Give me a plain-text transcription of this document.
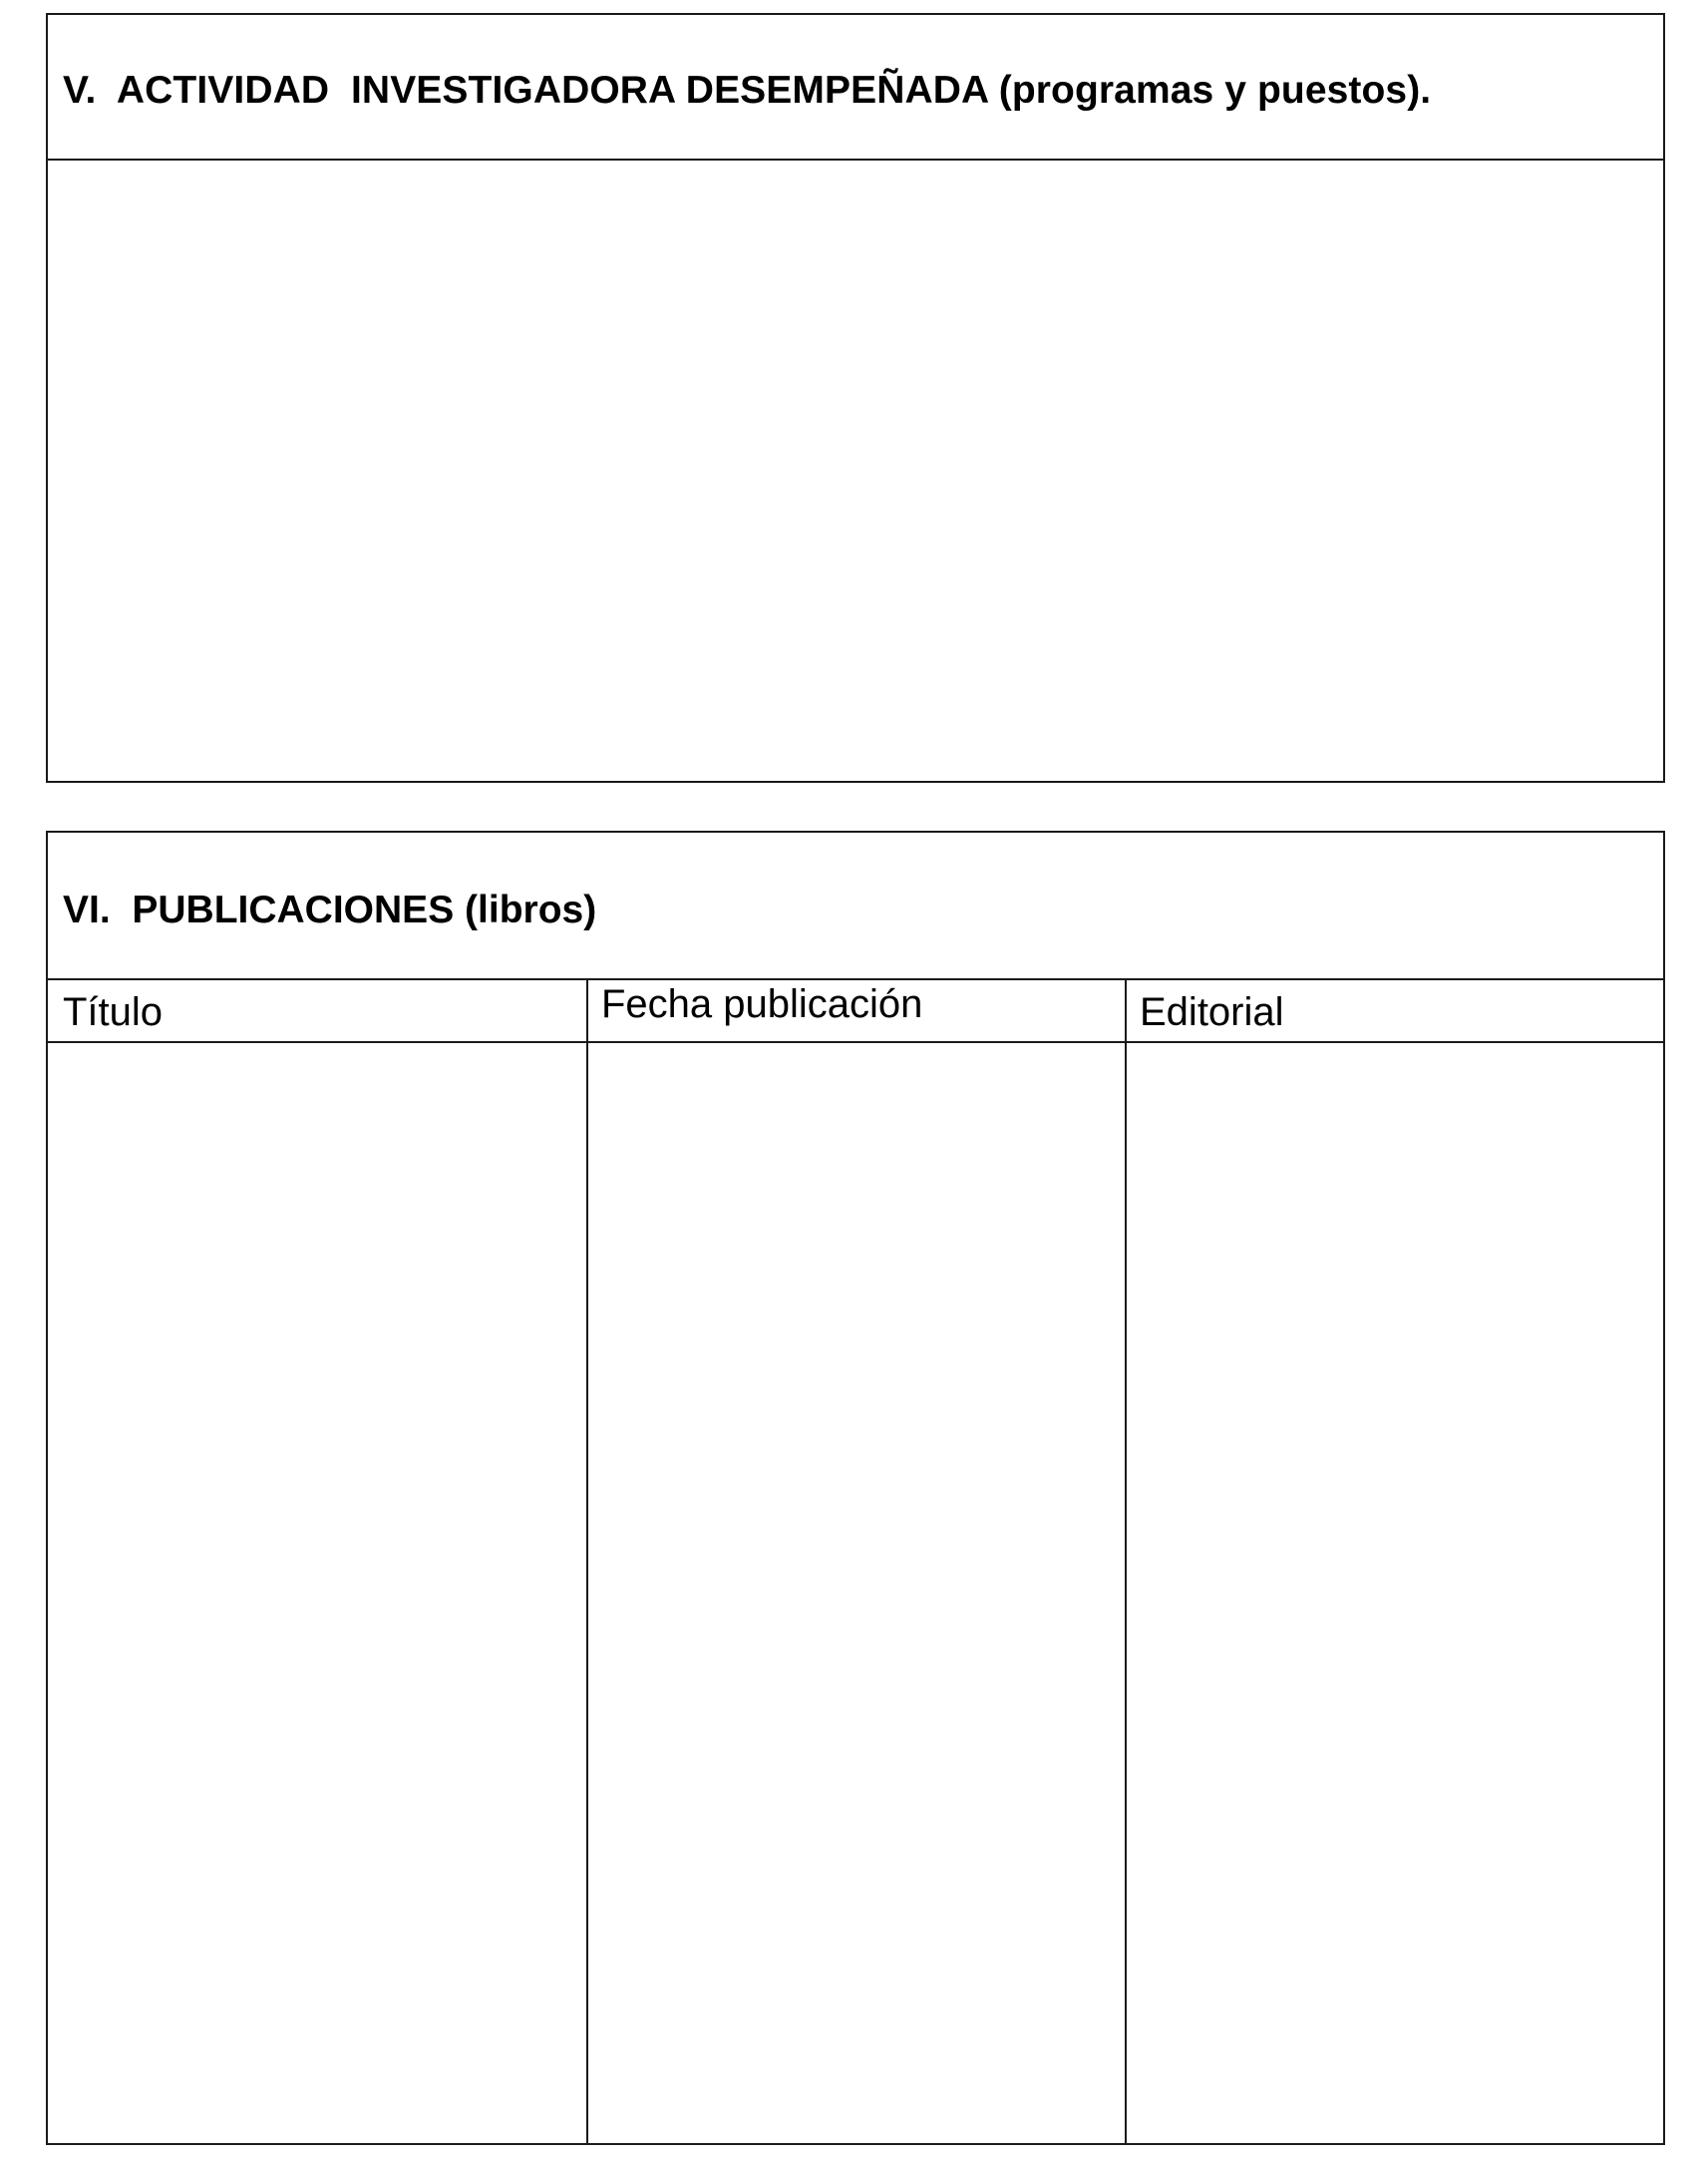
V.  ACTIVIDAD  INVESTIGADORA DESEMPEÑADA (programas y puestos).
VI.  PUBLICACIONES (libros)
Título	Fecha publicación	Editorial
